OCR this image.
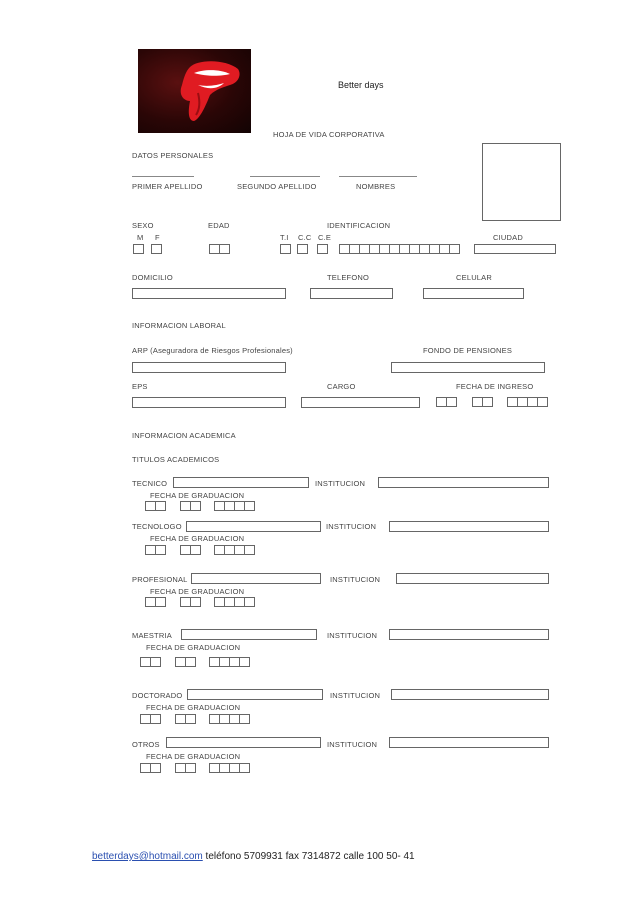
Better days
HOJA DE VIDA CORPORATIVA
DATOS PERSONALES
PRIMER APELLIDO	SEGUNDO APELLIDO	NOMBRES
SEXO	EDAD	IDENTIFICACION
M F	T.I C.C C.E	CIUDAD
DOMICILIO	TELEFONO	CELULAR
INFORMACION LABORAL
ARP (Aseguradora de Riesgos Profesionales)	FONDO DE PENSIONES
EPS	CARGO	FECHA DE INGRESO
INFORMACION ACADEMICA
TITULOS ACADEMICOS
TECNICO	INSTITUCION
FECHA DE GRADUACION
TECNOLOGO	INSTITUCION
FECHA DE GRADUACION
PROFESIONAL	INSTITUCION
FECHA DE GRADUACION
MAESTRIA	INSTITUCION
FECHA DE GRADUACION
DOCTORADO	INSTITUCION
FECHA DE GRADUACION
OTROS	INSTITUCION
FECHA DE GRADUACION
betterdays@hotmail.com teléfono 5709931 fax 7314872 calle 100 50- 41
